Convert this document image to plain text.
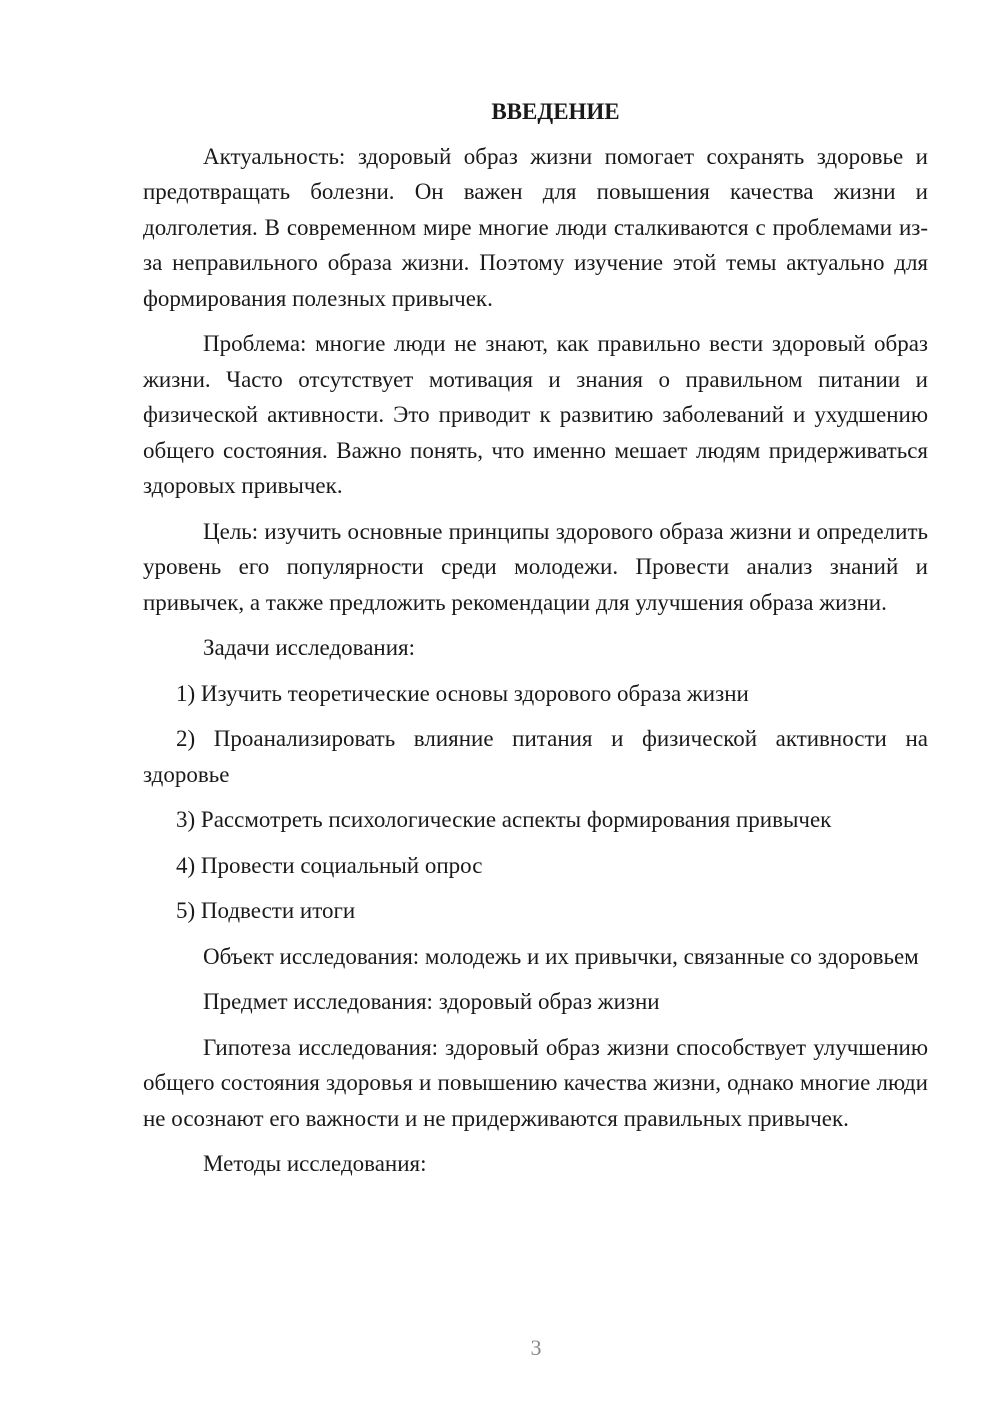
ВВЕДЕНИЕ

Актуальность: здоровый образ жизни помогает сохранять здоровье и предотвращать болезни. Он важен для повышения качества жизни и долголетия. В современном мире многие люди сталкиваются с проблемами из-за неправильного образа жизни. Поэтому изучение этой темы актуально для формирования полезных привычек.

Проблема: многие люди не знают, как правильно вести здоровый образ жизни. Часто отсутствует мотивация и знания о правильном питании и физической активности. Это приводит к развитию заболеваний и ухудшению общего состояния. Важно понять, что именно мешает людям придерживаться здоровых привычек.

Цель: изучить основные принципы здорового образа жизни и определить уровень его популярности среди молодежи. Провести анализ знаний и привычек, а также предложить рекомендации для улучшения образа жизни.

Задачи исследования:

1) Изучить теоретические основы здорового образа жизни

2) Проанализировать влияние питания и физической активности на здоровье

3) Рассмотреть психологические аспекты формирования привычек

4) Провести социальный опрос

5) Подвести итоги

Объект исследования: молодежь и их привычки, связанные со здоровьем

Предмет исследования: здоровый образ жизни

Гипотеза исследования: здоровый образ жизни способствует улучшению общего состояния здоровья и повышению качества жизни, однако многие люди не осознают его важности и не придерживаются правильных привычек.

Методы исследования:

3
